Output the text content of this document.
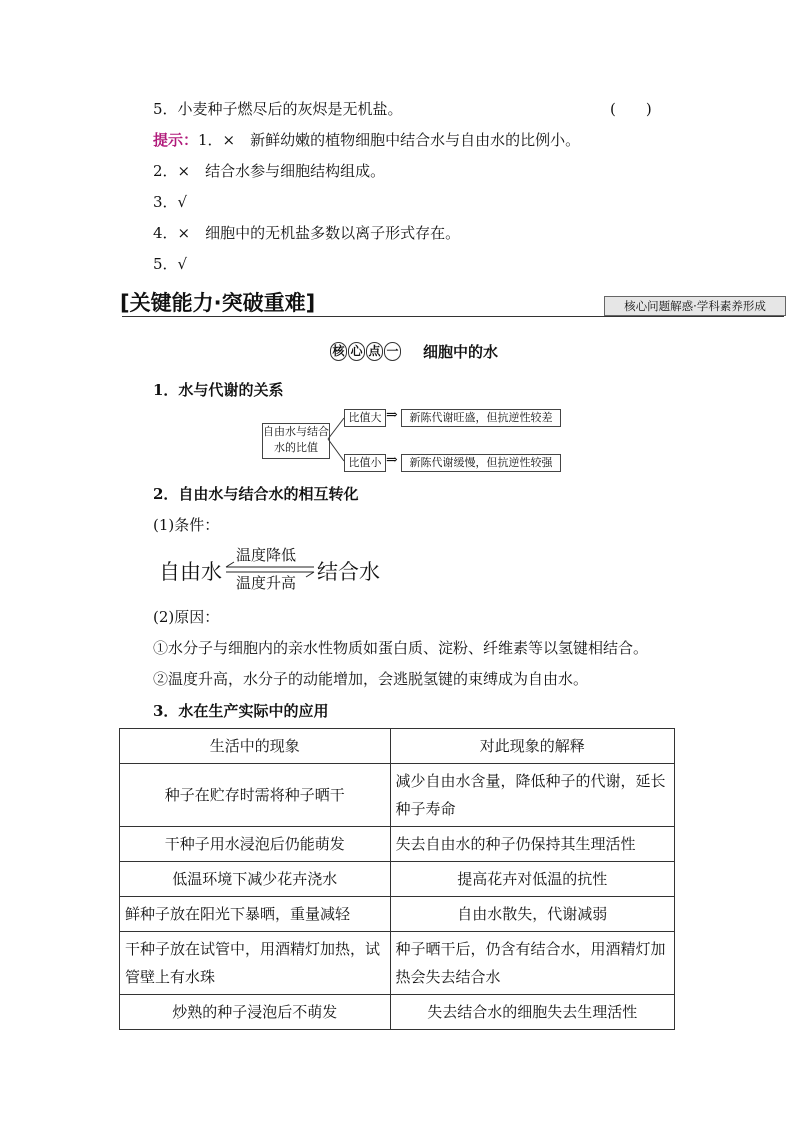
5．小麦种子燃尽后的灰烬是无机盐。	(　　)
提示：1．×　新鲜幼嫩的植物细胞中结合水与自由水的比例小。
2．×　结合水参与细胞结构组成。
3．√
4．×　细胞中的无机盐多数以离子形式存在。
5．√
[关键能力·突破重难]	核心问题解惑·学科素养形成
核 心 点 一 细胞中的水
1．水与代谢的关系
自由水与结合水的比值
比值大 ⇒	新陈代谢旺盛，但抗逆性较差
比值小 ⇒	新陈代谢缓慢，但抗逆性较强
2．自由水与结合水的相互转化
(1)条件：
自由水
温度降低
温度升高 结合水
(2)原因：
①水分子与细胞内的亲水性物质如蛋白质、淀粉、纤维素等以氢键相结合。
②温度升高，水分子的动能增加，会逃脱氢键的束缚成为自由水。
3．水在生产实际中的应用
生活中的现象	对此现象的解释
种子在贮存时需将种子晒干	减少自由水含量，降低种子的代谢，延长种子寿命
干种子用水浸泡后仍能萌发	失去自由水的种子仍保持其生理活性
低温环境下减少花卉浇水	提高花卉对低温的抗性
鲜种子放在阳光下暴晒，重量减轻	自由水散失，代谢减弱
干种子放在试管中，用酒精灯加热，试管壁上有水珠	种子晒干后，仍含有结合水，用酒精灯加热会失去结合水
炒熟的种子浸泡后不萌发	失去结合水的细胞失去生理活性
